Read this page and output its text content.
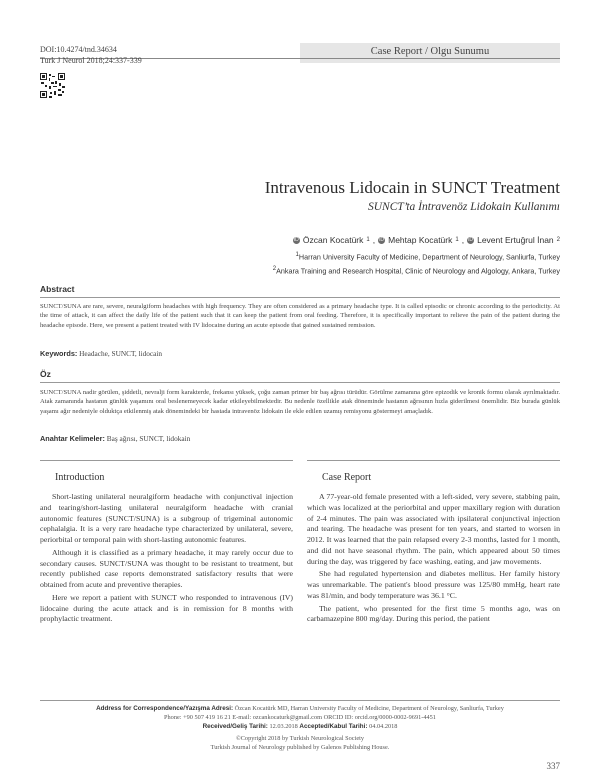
Case Report / Olgu Sunumu
DOI:10.4274/tnd.34634
Turk J Neurol 2018;24:337-339
Intravenous Lidocain in SUNCT Treatment
SUNCT’ta İntravenöz Lidokain Kullanımı
iD Özcan Kocatürk 1 , iD Mehtap Kocatürk 1 , iD Levent Ertuğrul İnan 2
$^1$Harran University Faculty of Medicine, Department of Neurology, Sanliurfa, Turkey
$^2$Ankara Training and Research Hospital, Clinic of Neurology and Algology, Ankara, Turkey
Abstract
SUNCT/SUNA are rare, severe, neuralgiform headaches with high frequency. They are often considered as a primary headache type. It is called episodic or chronic according to the periodicity. At the time of attack, it can affect the daily life of the patient such that it can keep the patient from oral feeding. Therefore, it is specifically important to relieve the pain of the patient during the headache episode. Here, we present a patient treated with IV lidocaine during an acute episode that gained sustained remission.
Keywords: Headache, SUNCT, lidocain
Öz
SUNCT/SUNA nadir görülen, şiddetli, nevralji form karakterde, frekansı yüksek, çoğu zaman primer bir baş ağrısı türüdür. Görülme zamanına göre epizodik ve kronik formu olarak ayrılmaktadır. Atak zamanında hastanın günlük yaşamını oral beslenemeyecek kadar etkileyebilmektedir. Bu nedenle özellikle atak döneminde hastanın ağrısının hızla giderilmesi önemlidir. Biz burada günlük yaşamı ağır nedeniyle olduktça etkilenmiş atak dönemindeki bir hastada intravenöz lidokain ile ekle edilen uzamış remisyonu göstermeyi amaçladık.
Anahtar Kelimeler: Baş ağrısı, SUNCT, lidokain
Introduction

Short-lasting unilateral neuralgiform headache with conjunctival injection and tearing/short-lasting unilateral neuralgiform headache with cranial autonomic features (SUNCT/SUNA) is a subgroup of trigeminal autonomic cephalalgia. It is a very rare headache type characterized by unilateral, severe, periorbital or temporal pain with short-lasting autonomic features.

Although it is classified as a primary headache, it may rarely occur due to secondary causes. SUNCT/SUNA was thought to be resistant to treatment, but recently published case reports demonstrated satisfactory results that were obtained from acute and preventive therapies.

Here we report a patient with SUNCT who responded to intravenous (IV) lidocaine during the acute attack and is in remission for 8 months with prophylactic treatment.

Case Report

A 77-year-old female presented with a left-sided, very severe, stabbing pain, which was localized at the periorbital and upper maxillary region with duration of 2-4 minutes. The pain was associated with ipsilateral conjunctival injection and tearing. The headache was present for ten years, and started to worsen in 2012. It was learned that the pain relapsed every 2-3 months, lasted for 1 month, and did not have seasonal rhythm. The pain, which appeared about 50 times during the day, was triggered by face washing, eating, and jaw movements.

She had regulated hypertension and diabetes mellitus. Her family history was unremarkable. The patient's blood pressure was 125/80 mmHg, heart rate was 81/min, and body temperature was 36.1 °C.

The patient, who presented for the first time 5 months ago, was on carbamazepine 800 mg/day. During this period, the patient

Address for Correspondence/Yazışma Adresi: Özcan Kocatürk MD, Harran University Faculty of Medicine, Department of Neurology, Sanliurfa, Turkey
Phone: +90 507 419 16 21 E-mail: ozcankocaturk@gmail.com ORCID ID: orcid.org/0000-0002-9691-4451
Received/Geliş Tarihi: 12.03.2018 Accepted/Kabul Tarihi: 04.04.2018
©Copyright 2018 by Turkish Neurological Society
Turkish Journal of Neurology published by Galenos Publishing House.
337
